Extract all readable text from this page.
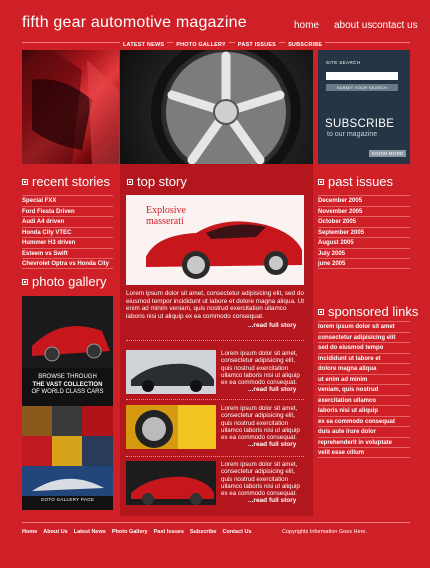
fifth gear automotive magazine	home about us contact us
LATEST NEWS	PHOTO GALLERY	PAST ISSUES	SUBSCRIBE
SITE SEARCH
SUBMIT YOUR SEARCH
SUBSCRIBE
to our magazine
KNOW MORE
recent stories
Special FXX
Ford Fiesta Driven
Audi A4 driven
Honda City VTEC
Hummer H3 driven
Esteem vs Swift
Chevrolet Optra vs Honda City
photo gallery
BROWSE THROUGH
THE VAST COLLECTION
OF WORLD CLASS CARS
GOTO GALLERY PAGE
top story
Explosive
masserati
Lorem ipsum dolor sit amet, consectetur adipisicing elit, sed do eiusmod tempor incididunt ut labore et dolore magna aliqua. Ut enim ad minim veniam, quis nostrud exercitation ullamco laboris nisi ut aliquip ex ea commodo consequat.
...read full story
Lorem ipsum dolor sit amet, consectetur adipisicing elit, quis nostrud exercitation ullamco laboris nisi ut aliquip ex ea commodo consequat.
...read full story
Lorem ipsum dolor sit amet, consectetur adipisicing elit, quis nostrud exercitation ullamco laboris nisi ut aliquip ex ea commodo consequat.
...read full story
Lorem ipsum dolor sit amet, consectetur adipisicing elit, quis nostrud exercitation ullamco laboris nisi ut aliquip ex ea commodo consequat.
...read full story
past issues
December 2005
November 2005
October 2005
September 2005
August 2005
July 2005
june 2005
sponsored links
lorem ipsum dolor sit amet
consectetur adipisicing elit
sed do eiusmod tempo
incididunt ut labore et
dolore magna aliqua
ut enim ad minim
veniam, quis nostrud
exercitation ullamco
laboris nisi ut aliquip
ex ea commodo consequat
duis aute irure dolor
reprehenderit in voluptate
velit esse cillum
Home About Us Latest News Photo Gallery Past Issues Subscribe Contact Us	Copyrights Information Goes Here.
